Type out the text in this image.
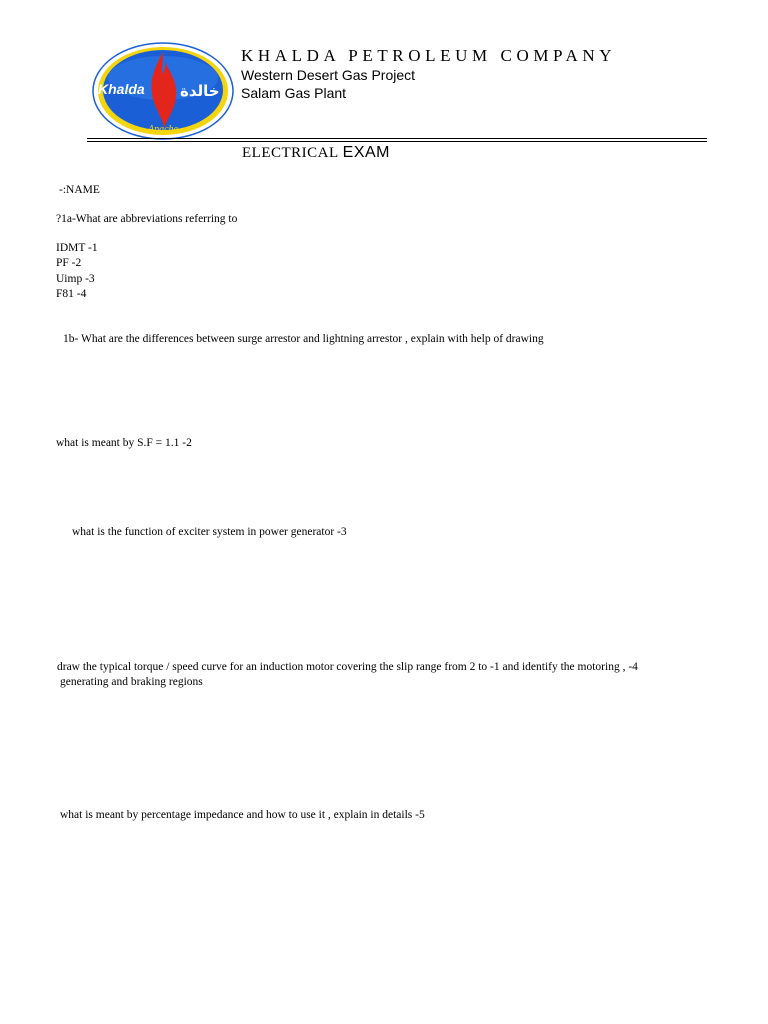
Khalda خالدة
Apache
KHALDA PETROLEUM COMPANY
Western Desert Gas Project
Salam Gas Plant
ELECTRICAL EXAM
-:NAME
?1a-What are abbreviations referring to
IDMT -1
PF -2
Uimp -3
F81 -4
1b- What are the differences between surge arrestor and lightning arrestor , explain with help of drawing
what is meant by S.F = 1.1 -2
what is the function of exciter system in power generator -3
draw the typical torque / speed curve for an induction motor covering the slip range from 2 to -1 and identify the motoring , -4
generating and braking regions
what is meant by percentage impedance and how to use it , explain in details -5
